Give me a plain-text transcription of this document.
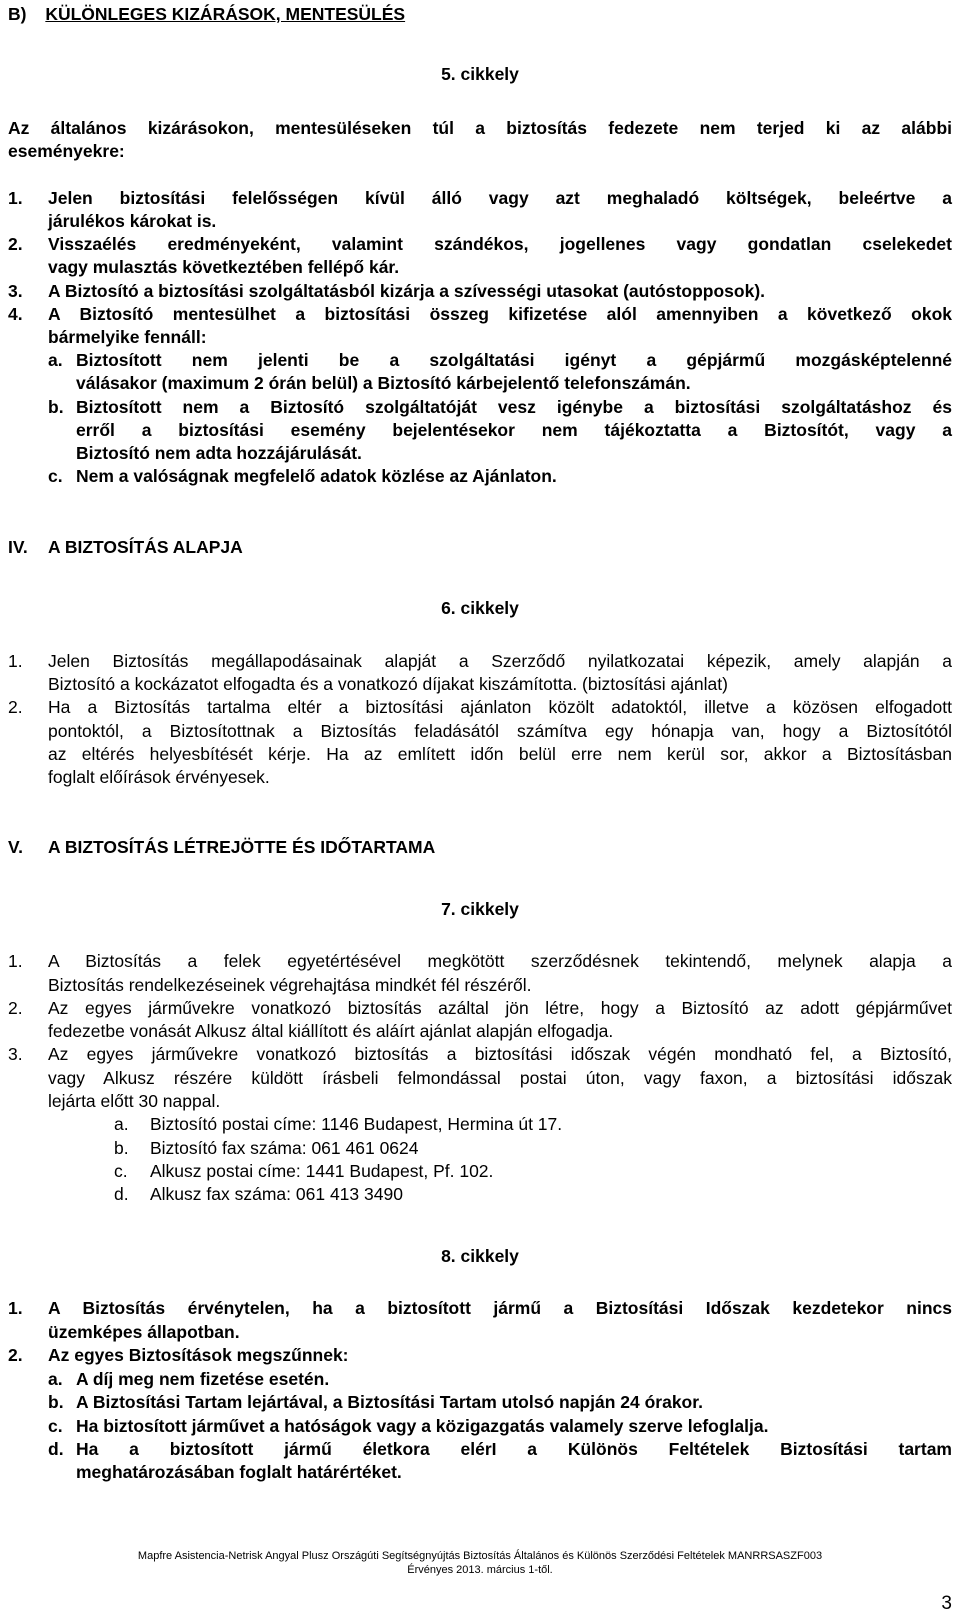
B) KÜLÖNLEGES KIZÁRÁSOK, MENTESÜLÉS
5. cikkely
Az általános kizárásokon, mentesüléseken túl a biztosítás fedezete nem terjed ki az alábbi
eseményekre:
1. Jelen biztosítási felelősségen kívül álló vagy azt meghaladó költségek, beleértve a
járulékos károkat is.
2. Visszaélés eredményeként, valamint szándékos, jogellenes vagy gondatlan cselekedet
vagy mulasztás következtében fellépő kár.
3. A Biztosító a biztosítási szolgáltatásból kizárja a szívességi utasokat (autóstopposok).
4. A Biztosító mentesülhet a biztosítási összeg kifizetése alól amennyiben a következő okok
bármelyike fennáll:
a. Biztosított nem jelenti be a szolgáltatási igényt a gépjármű mozgásképtelenné
válásakor (maximum 2 órán belül) a Biztosító kárbejelentő telefonszámán.
b. Biztosított nem a Biztosító szolgáltatóját vesz igénybe a biztosítási szolgáltatáshoz és
erről a biztosítási esemény bejelentésekor nem tájékoztatta a Biztosítót, vagy a
Biztosító nem adta hozzájárulását.
c. Nem a valóságnak megfelelő adatok közlése az Ajánlaton.
IV. A BIZTOSÍTÁS ALAPJA
6. cikkely
1. Jelen Biztosítás megállapodásainak alapját a Szerződő nyilatkozatai képezik, amely alapján a
Biztosító a kockázatot elfogadta és a vonatkozó díjakat kiszámította. (biztosítási ajánlat)
2. Ha a Biztosítás tartalma eltér a biztosítási ajánlaton közölt adatoktól, illetve a közösen elfogadott
pontoktól, a Biztosítottnak a Biztosítás feladásától számítva egy hónapja van, hogy a Biztosítótól
az eltérés helyesbítését kérje. Ha az említett időn belül erre nem kerül sor, akkor a Biztosításban
foglalt előírások érvényesek.
V. A BIZTOSÍTÁS LÉTREJÖTTE ÉS IDŐTARTAMA
7. cikkely
1. A Biztosítás a felek egyetértésével megkötött szerződésnek tekintendő, melynek alapja a
Biztosítás rendelkezéseinek végrehajtása mindkét fél részéről.
2. Az egyes járművekre vonatkozó biztosítás azáltal jön létre, hogy a Biztosító az adott gépjárművet
fedezetbe vonását Alkusz által kiállított és aláírt ajánlat alapján elfogadja.
3. Az egyes járművekre vonatkozó biztosítás a biztosítási időszak végén mondható fel, a Biztosító,
vagy Alkusz részére küldött írásbeli felmondással postai úton, vagy faxon, a biztosítási időszak
lejárta előtt 30 nappal.
a. Biztosító postai címe: 1146 Budapest, Hermina út 17.
b. Biztosító fax száma: 061 461 0624
c. Alkusz postai címe: 1441 Budapest, Pf. 102.
d. Alkusz fax száma: 061 413 3490
8. cikkely
1. A Biztosítás érvénytelen, ha a biztosított jármű a Biztosítási Időszak kezdetekor nincs
üzemképes állapotban.
2. Az egyes Biztosítások megszűnnek:
a. A díj meg nem fizetése esetén.
b. A Biztosítási Tartam lejártával, a Biztosítási Tartam utolsó napján 24 órakor.
c. Ha biztosított járművet a hatóságok vagy a közigazgatás valamely szerve lefoglalja.
d. Ha a biztosított jármű életkora elérI a Különös Feltételek Biztosítási tartam
meghatározásában foglalt határértéket.
Mapfre Asistencia-Netrisk Angyal Plusz Országúti Segítségnyújtás Biztosítás Általános és Különös Szerződési Feltételek MANRRSASZF003
Érvényes 2013. március 1-től.
3
